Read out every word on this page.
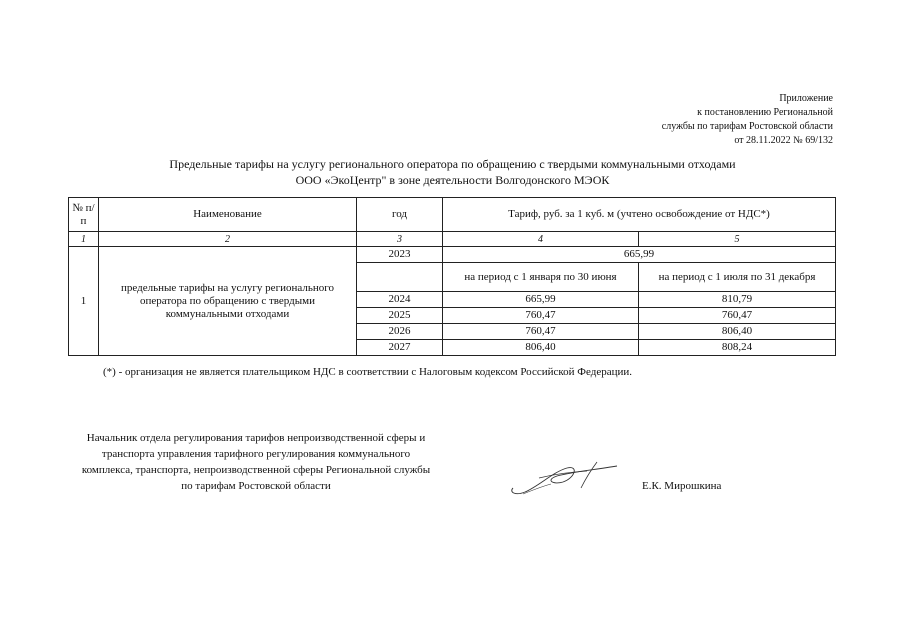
Приложение
к постановлению Региональной
службы по тарифам Ростовской области
от 28.11.2022 № 69/132
Предельные тарифы на услугу регионального оператора по обращению с твердыми коммунальными отходами
ООО «ЭкоЦентр" в зоне деятельности Волгодонского МЭОК
№ п/п	Наименование	год	Тариф, руб. за 1 куб. м (учтено освобождение от НДС*)	
1	2	3	4	5
1	предельные тарифы на услугу регионального оператора по обращению с твердыми коммунальными отходами	2023	665,99	
			на период с 1 января по 30 июня	на период с 1 июля по 31 декабря
		2024	665,99	810,79
		2025	760,47	760,47
		2026	760,47	806,40
		2027	806,40	808,24
(*) - организация не является плательщиком НДС в соответствии с Налоговым кодексом Российской Федерации.
Начальник отдела регулирования тарифов непроизводственной сферы и транспорта управления тарифного регулирования коммунального комплекса, транспорта, непроизводственной сферы Региональной службы по тарифам Ростовской области	Е.К. Мирошкина
